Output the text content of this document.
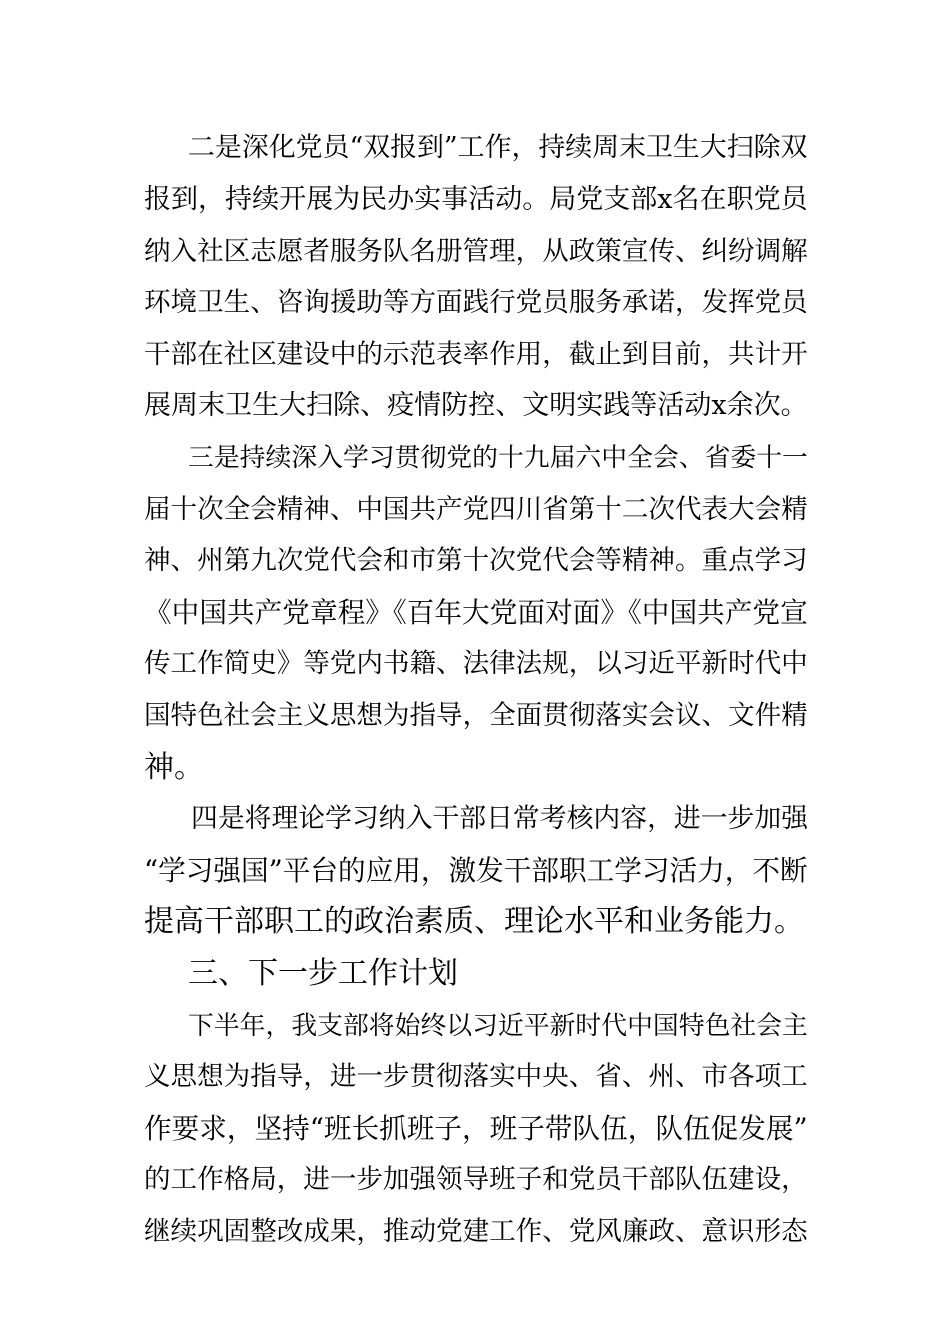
二是深化党员“双报到”工作，持续周末卫生大扫除双
报到，持续开展为民办实事活动。局党支部x名在职党员
纳入社区志愿者服务队名册管理，从政策宣传、纠纷调解
环境卫生、咨询援助等方面践行党员服务承诺，发挥党员
干部在社区建设中的示范表率作用，截止到目前，共计开
展周末卫生大扫除、疫情防控、文明实践等活动x余次。
三是持续深入学习贯彻党的十九届六中全会、省委十一
届十次全会精神、中国共产党四川省第十二次代表大会精
神、州第九次党代会和市第十次党代会等精神。重点学习
《中国共产党章程》《百年大党面对面》《中国共产党宣
传工作简史》等党内书籍、法律法规，以习近平新时代中
国特色社会主义思想为指导，全面贯彻落实会议、文件精
神。
四是将理论学习纳入干部日常考核内容，进一步加强
“学习强国”平台的应用，激发干部职工学习活力，不断
提高干部职工的政治素质、理论水平和业务能力。
三、下一步工作计划
下半年，我支部将始终以习近平新时代中国特色社会主
义思想为指导，进一步贯彻落实中央、省、州、市各项工
作要求，坚持“班长抓班子，班子带队伍，队伍促发展”
的工作格局，进一步加强领导班子和党员干部队伍建设，
继续巩固整改成果，推动党建工作、党风廉政、意识形态
